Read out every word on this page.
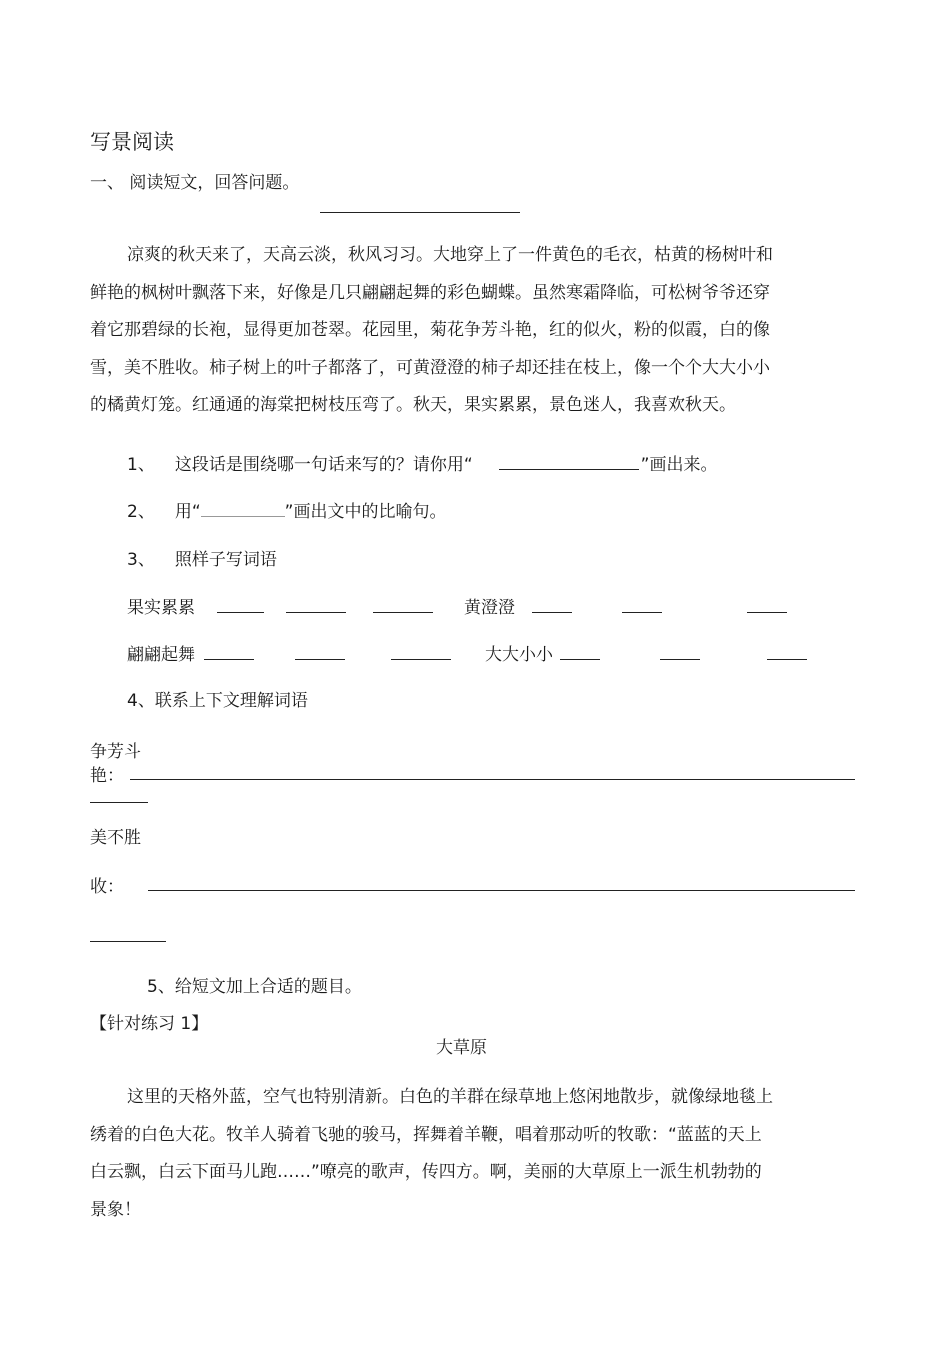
写景阅读
一、 阅读短文，回答问题。

凉爽的秋天来了，天高云淡，秋风习习。大地穿上了一件黄色的毛衣，枯黄的杨树叶和

鲜艳的枫树叶飘落下来，好像是几只翩翩起舞的彩色蝴蝶。虽然寒霜降临，可松树爷爷还穿

着它那碧绿的长袍，显得更加苍翠。花园里，菊花争芳斗艳，红的似火，粉的似霞，白的像

雪，美不胜收。柿子树上的叶子都落了，可黄澄澄的柿子却还挂在枝上，像一个个大大小小

的橘黄灯笼。红通通的海棠把树枝压弯了。秋天，果实累累，景色迷人，我喜欢秋天。

1、 这段话是围绕哪一句话来写的？请你用“	”画出来。
2、 用“	”画出文中的比喻句。
3、 照样子写词语
果实累累	黄澄澄
翩翩起舞	大大小小
4、联系上下文理解词语
争芳斗
艳：
美不胜
收：
5、给短文加上合适的题目。
【针对练习 1】
大草原

这里的天格外蓝，空气也特别清新。白色的羊群在绿草地上悠闲地散步，就像绿地毯上

绣着的白色大花。牧羊人骑着飞驰的骏马，挥舞着羊鞭，唱着那动听的牧歌：“蓝蓝的天上

白云飘，白云下面马儿跑……”嘹亮的歌声，传四方。啊，美丽的大草原上一派生机勃勃的

景象！
